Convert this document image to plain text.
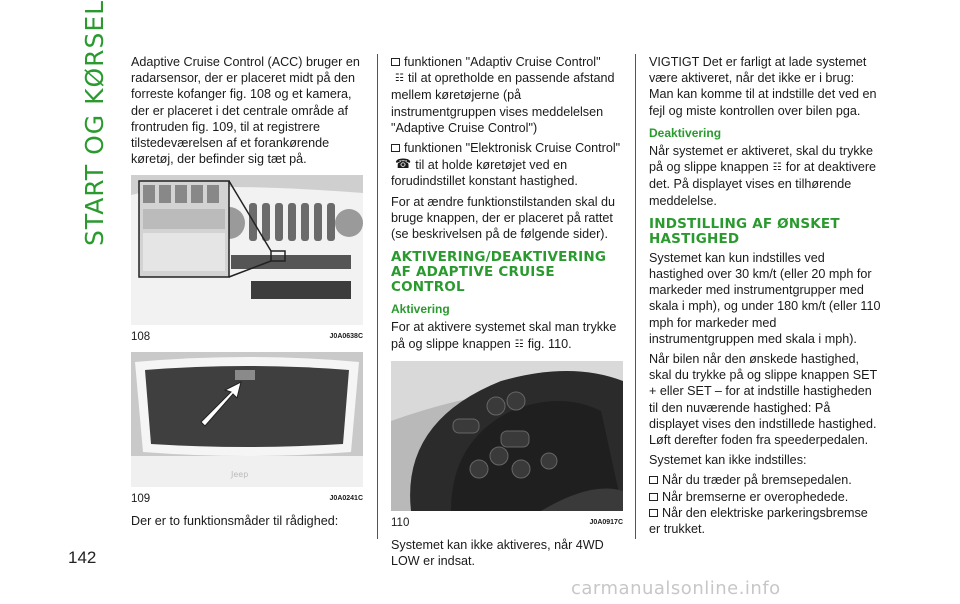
START OG KØRSEL
142

Adaptive Cruise Control (ACC) bruger en radarsensor, der er placeret midt på den forreste kofanger fig. 108 og et kamera, der er placeret i det centrale område af frontruden fig. 109, til at registrere tilstedeværelsen af et forankørende køretøj, der befinder sig tæt på.

108	J0A0638C
Jeep
109	J0A0241C

Der er to funktionsmåder til rådighed:

funktionen "Adaptiv Cruise Control"
☷ til at opretholde en passende afstand mellem køretøjerne (på instrumentgruppen vises meddelelsen "Adaptive Cruise Control")

funktionen "Elektronisk Cruise Control"☎ til at holde køretøjet ved en forudindstillet konstant hastighed.

For at ændre funktionstilstanden skal du bruge knappen, der er placeret på rattet (se beskrivelsen på de følgende sider).

AKTIVERING/DEAKTIVERING AF ADAPTIVE CRUISE CONTROL
Aktivering

For at aktivere systemet skal man trykke på og slippe knappen ☷ fig. 110.

110	J0A0917C

Systemet kan ikke aktiveres, når 4WD LOW er indsat.

VIGTIGT Det er farligt at lade systemet være aktiveret, når det ikke er i brug: Man kan komme til at indstille det ved en fejl og miste kontrollen over bilen pga.

Deaktivering

Når systemet er aktiveret, skal du trykke på og slippe knappen ☷ for at deaktivere det. På displayet vises en tilhørende meddelelse.

INDSTILLING AF ØNSKET HASTIGHED

Systemet kan kun indstilles ved hastighed over 30 km/t (eller 20 mph for markeder med instrumentgrupper med skala i mph), og under 180 km/t (eller 110 mph for markeder med instrumentgruppen med skala i mph).

Når bilen når den ønskede hastighed, skal du trykke på og slippe knappen SET + eller SET – for at indstille hastigheden til den nuværende hastighed: På displayet vises den indstillede hastighed. Løft derefter foden fra speederpedalen.

Systemet kan ikke indstilles:

Når du træder på bremsepedalen.
Når bremserne er overophedede.
Når den elektriske parkeringsbremse er trukket.
carmanualsonline.info
